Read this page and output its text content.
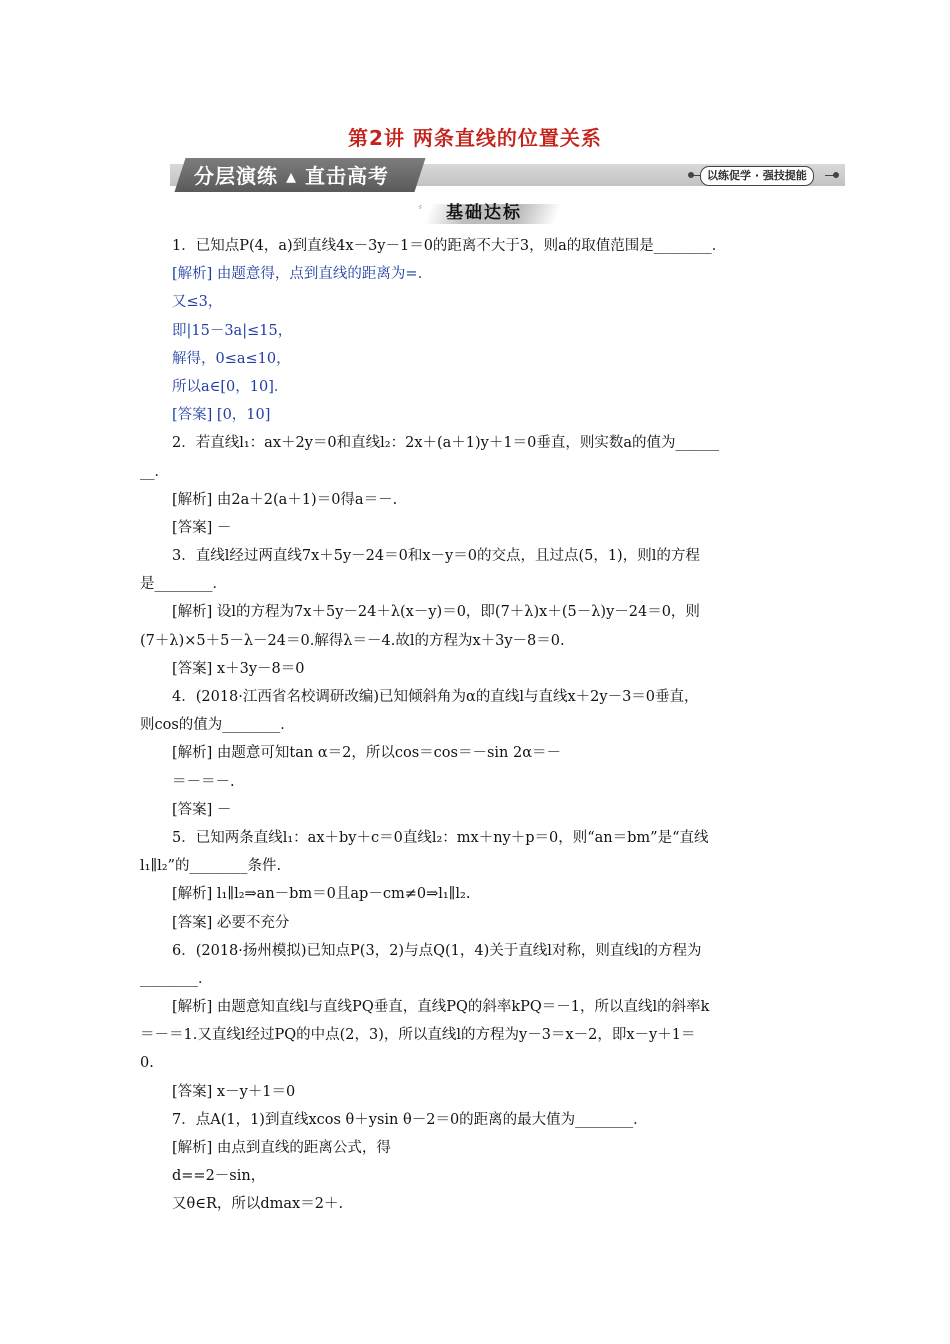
第2讲 两条直线的位置关系
分层演练 ▴ 直击高考	以练促学 · 强技提能
〞 基础达标
1．已知点P(4，a)到直线4x－3y－1＝0的距离不大于3，则a的取值范围是________．
[解析] 由题意得，点到直线的距离为=.
又≤3，
即|15－3a|≤15，
解得，0≤a≤10，
所以a∈[0，10]．
[答案] [0，10]
2．若直线l₁：ax＋2y＝0和直线l₂：2x＋(a＋1)y＋1＝0垂直，则实数a的值为______
__．
[解析] 由2a＋2(a＋1)＝0得a＝－.
[答案] －
3．直线l经过两直线7x＋5y－24＝0和x－y＝0的交点，且过点(5，1)，则l的方程
是________．
[解析] 设l的方程为7x＋5y－24＋λ(x－y)＝0，即(7＋λ)x＋(5－λ)y－24＝0，则
(7＋λ)×5＋5－λ－24＝0.解得λ＝－4.故l的方程为x＋3y－8＝0.
[答案] x＋3y－8＝0
4．(2018·江西省名校调研改编)已知倾斜角为α的直线l与直线x＋2y－3＝0垂直，
则cos的值为________．
[解析] 由题意可知tan α＝2，所以cos＝cos＝－sin 2α＝－
＝－＝－.
[答案] －
5．已知两条直线l₁：ax＋by＋c＝0直线l₂：mx＋ny＋p＝0，则“an＝bm”是“直线
l₁∥l₂”的________条件.
[解析] l₁∥l₂⇒an－bm＝0且ap－cm≠0⇒l₁∥l₂.
[答案] 必要不充分
6．(2018·扬州模拟)已知点P(3，2)与点Q(1，4)关于直线l对称，则直线l的方程为
________．
[解析] 由题意知直线l与直线PQ垂直，直线PQ的斜率kPQ＝－1，所以直线l的斜率k
＝－＝1.又直线l经过PQ的中点(2，3)，所以直线l的方程为y－3＝x－2，即x－y＋1＝
0.
[答案] x－y＋1＝0
7．点A(1，1)到直线xcos θ＋ysin θ－2＝0的距离的最大值为________．
[解析] 由点到直线的距离公式，得
d==2－sin，
又θ∈R，所以dmax＝2＋.
